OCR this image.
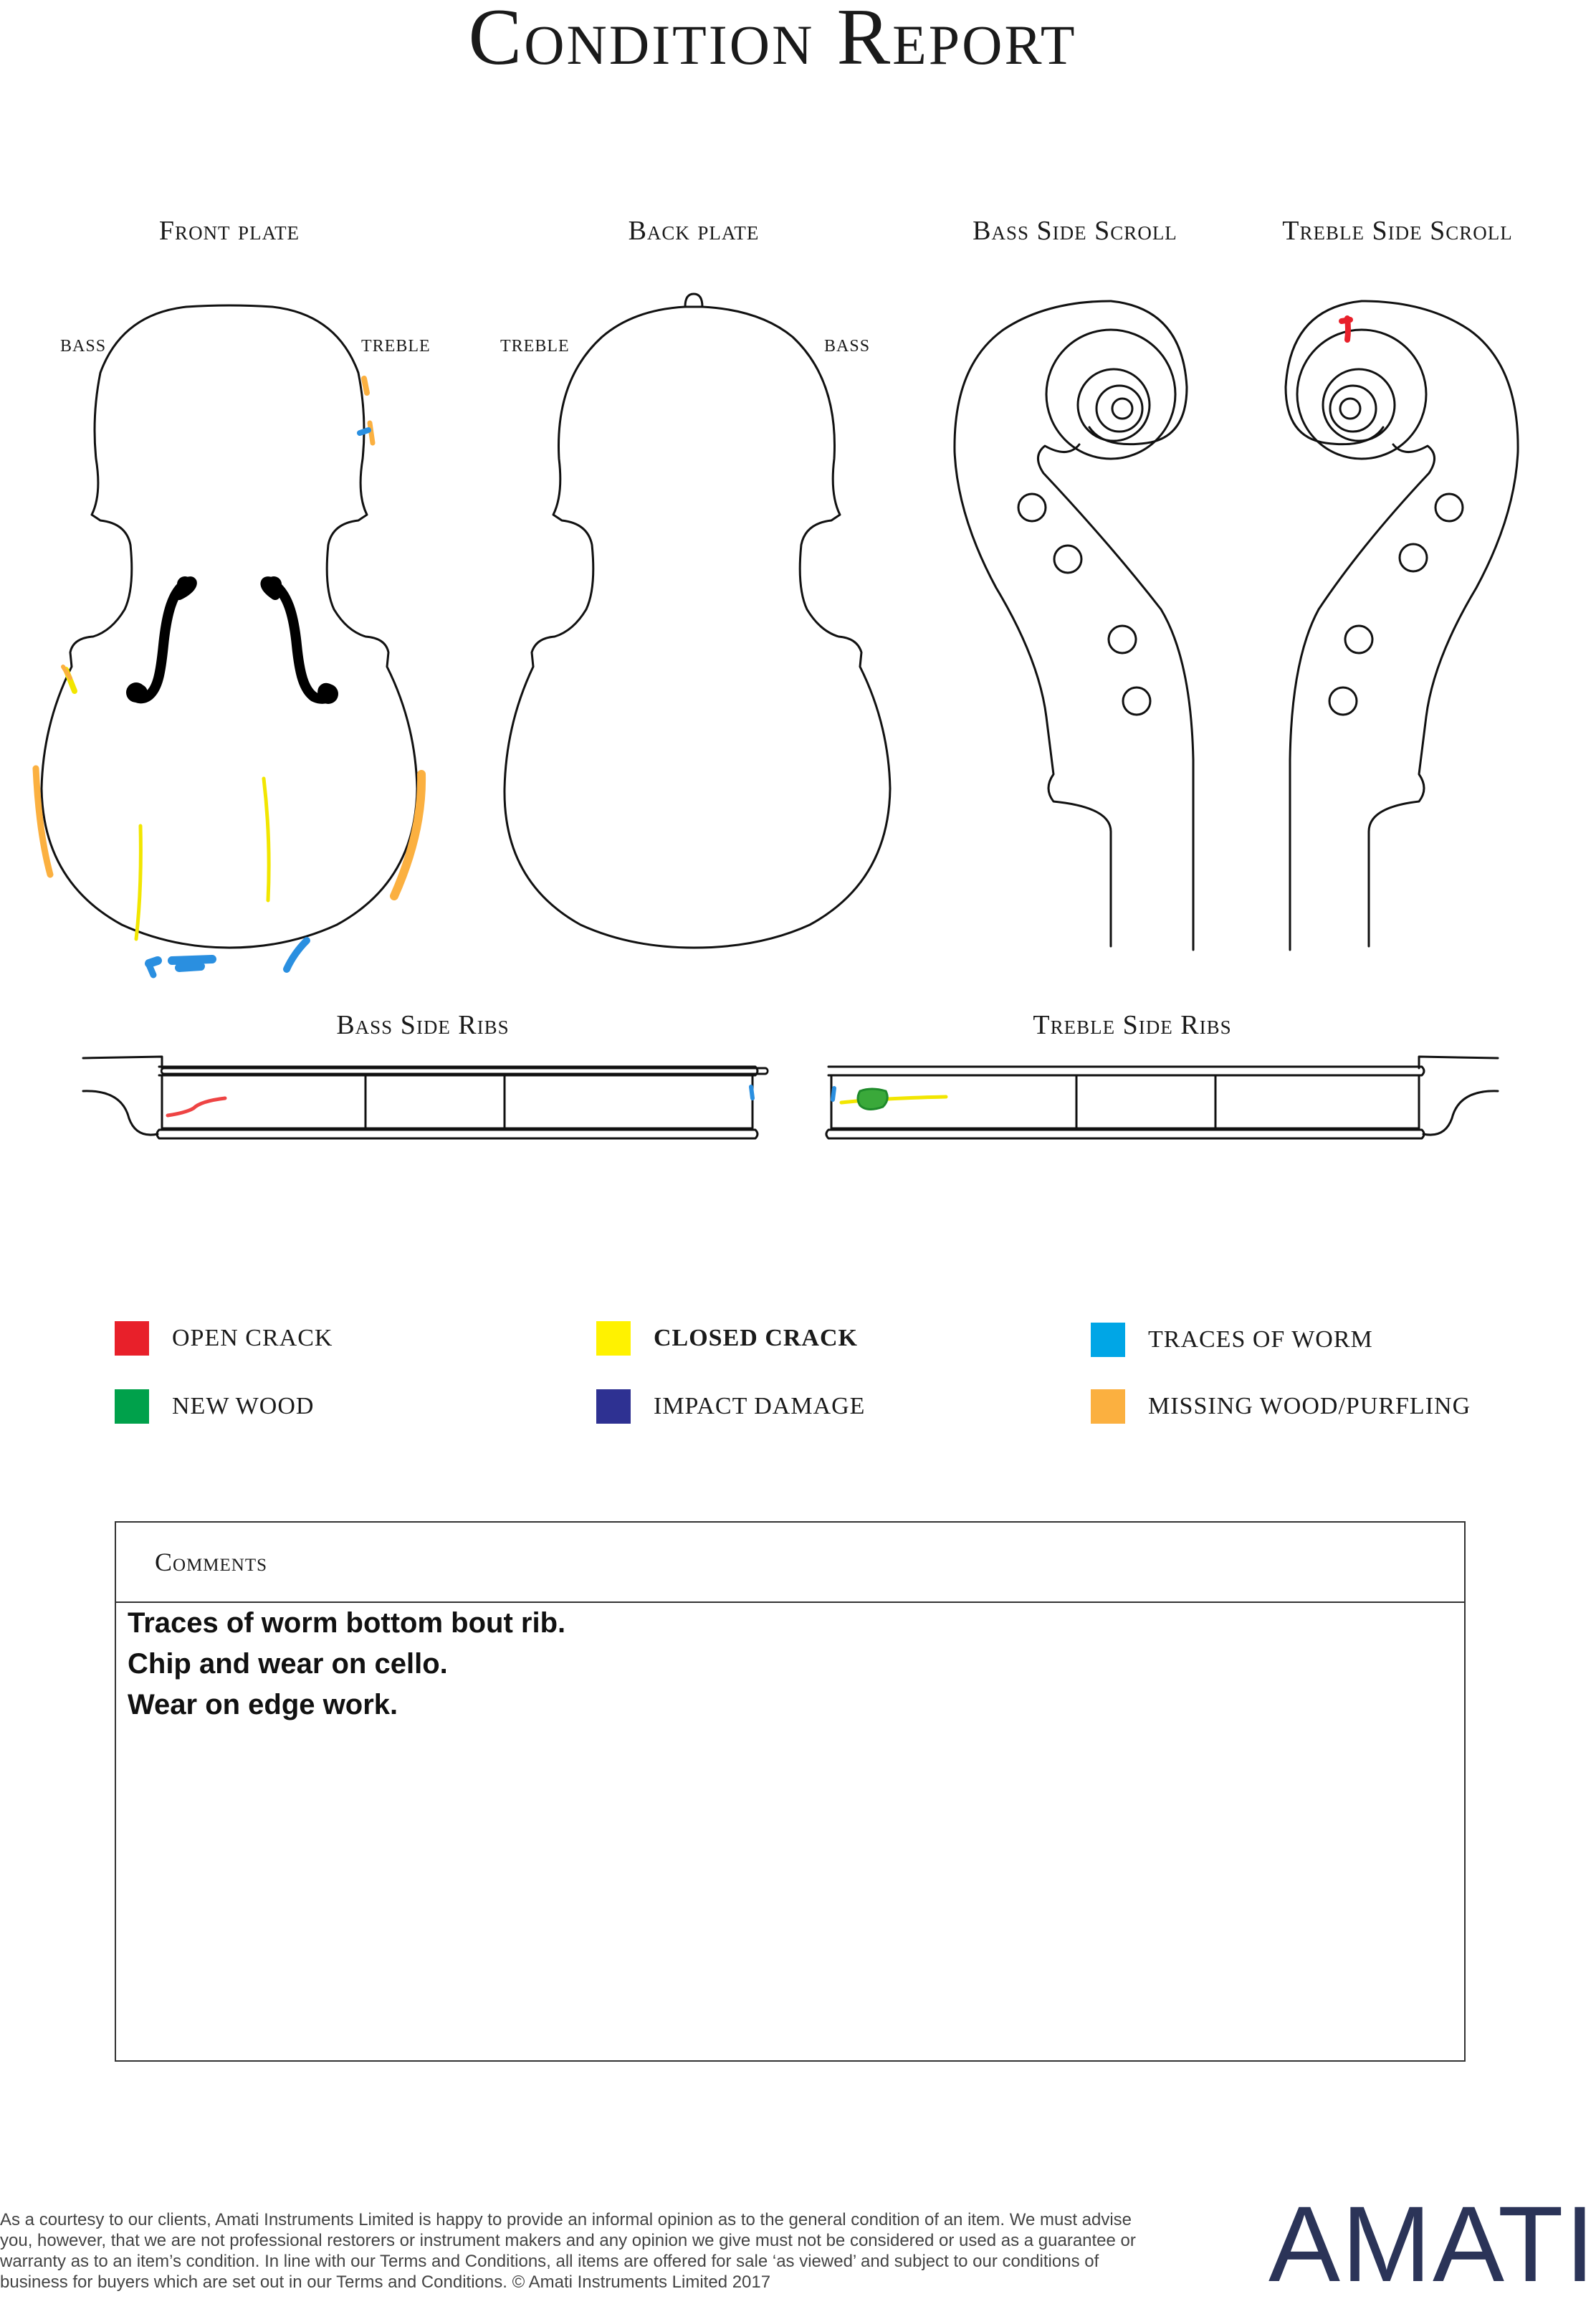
Condition Report
Front plate	Back plate	Bass Side Scroll	Treble Side Scroll
BASS	TREBLE	TREBLE	BASS
Bass Side Ribs	Treble Side Ribs
OPEN CRACK	CLOSED CRACK	TRACES OF WORM
NEW WOOD	IMPACT DAMAGE	MISSING WOOD/PURFLING
Comments
Traces of worm bottom bout rib.
Chip and wear on cello.
Wear on edge work.
As a courtesy to our clients, Amati Instruments Limited is happy to provide an informal opinion as to the general condition of an item. We must advise you, however, that we are not professional restorers or instrument makers and any opinion we give must not be considered or used as a guarantee or warranty as to an item’s condition. In line with our Terms and Conditions, all items are offered for sale ‘as viewed’ and subject to our conditions of business for buyers which are set out in our Terms and Conditions. © Amati Instruments Limited 2017	AMATI
